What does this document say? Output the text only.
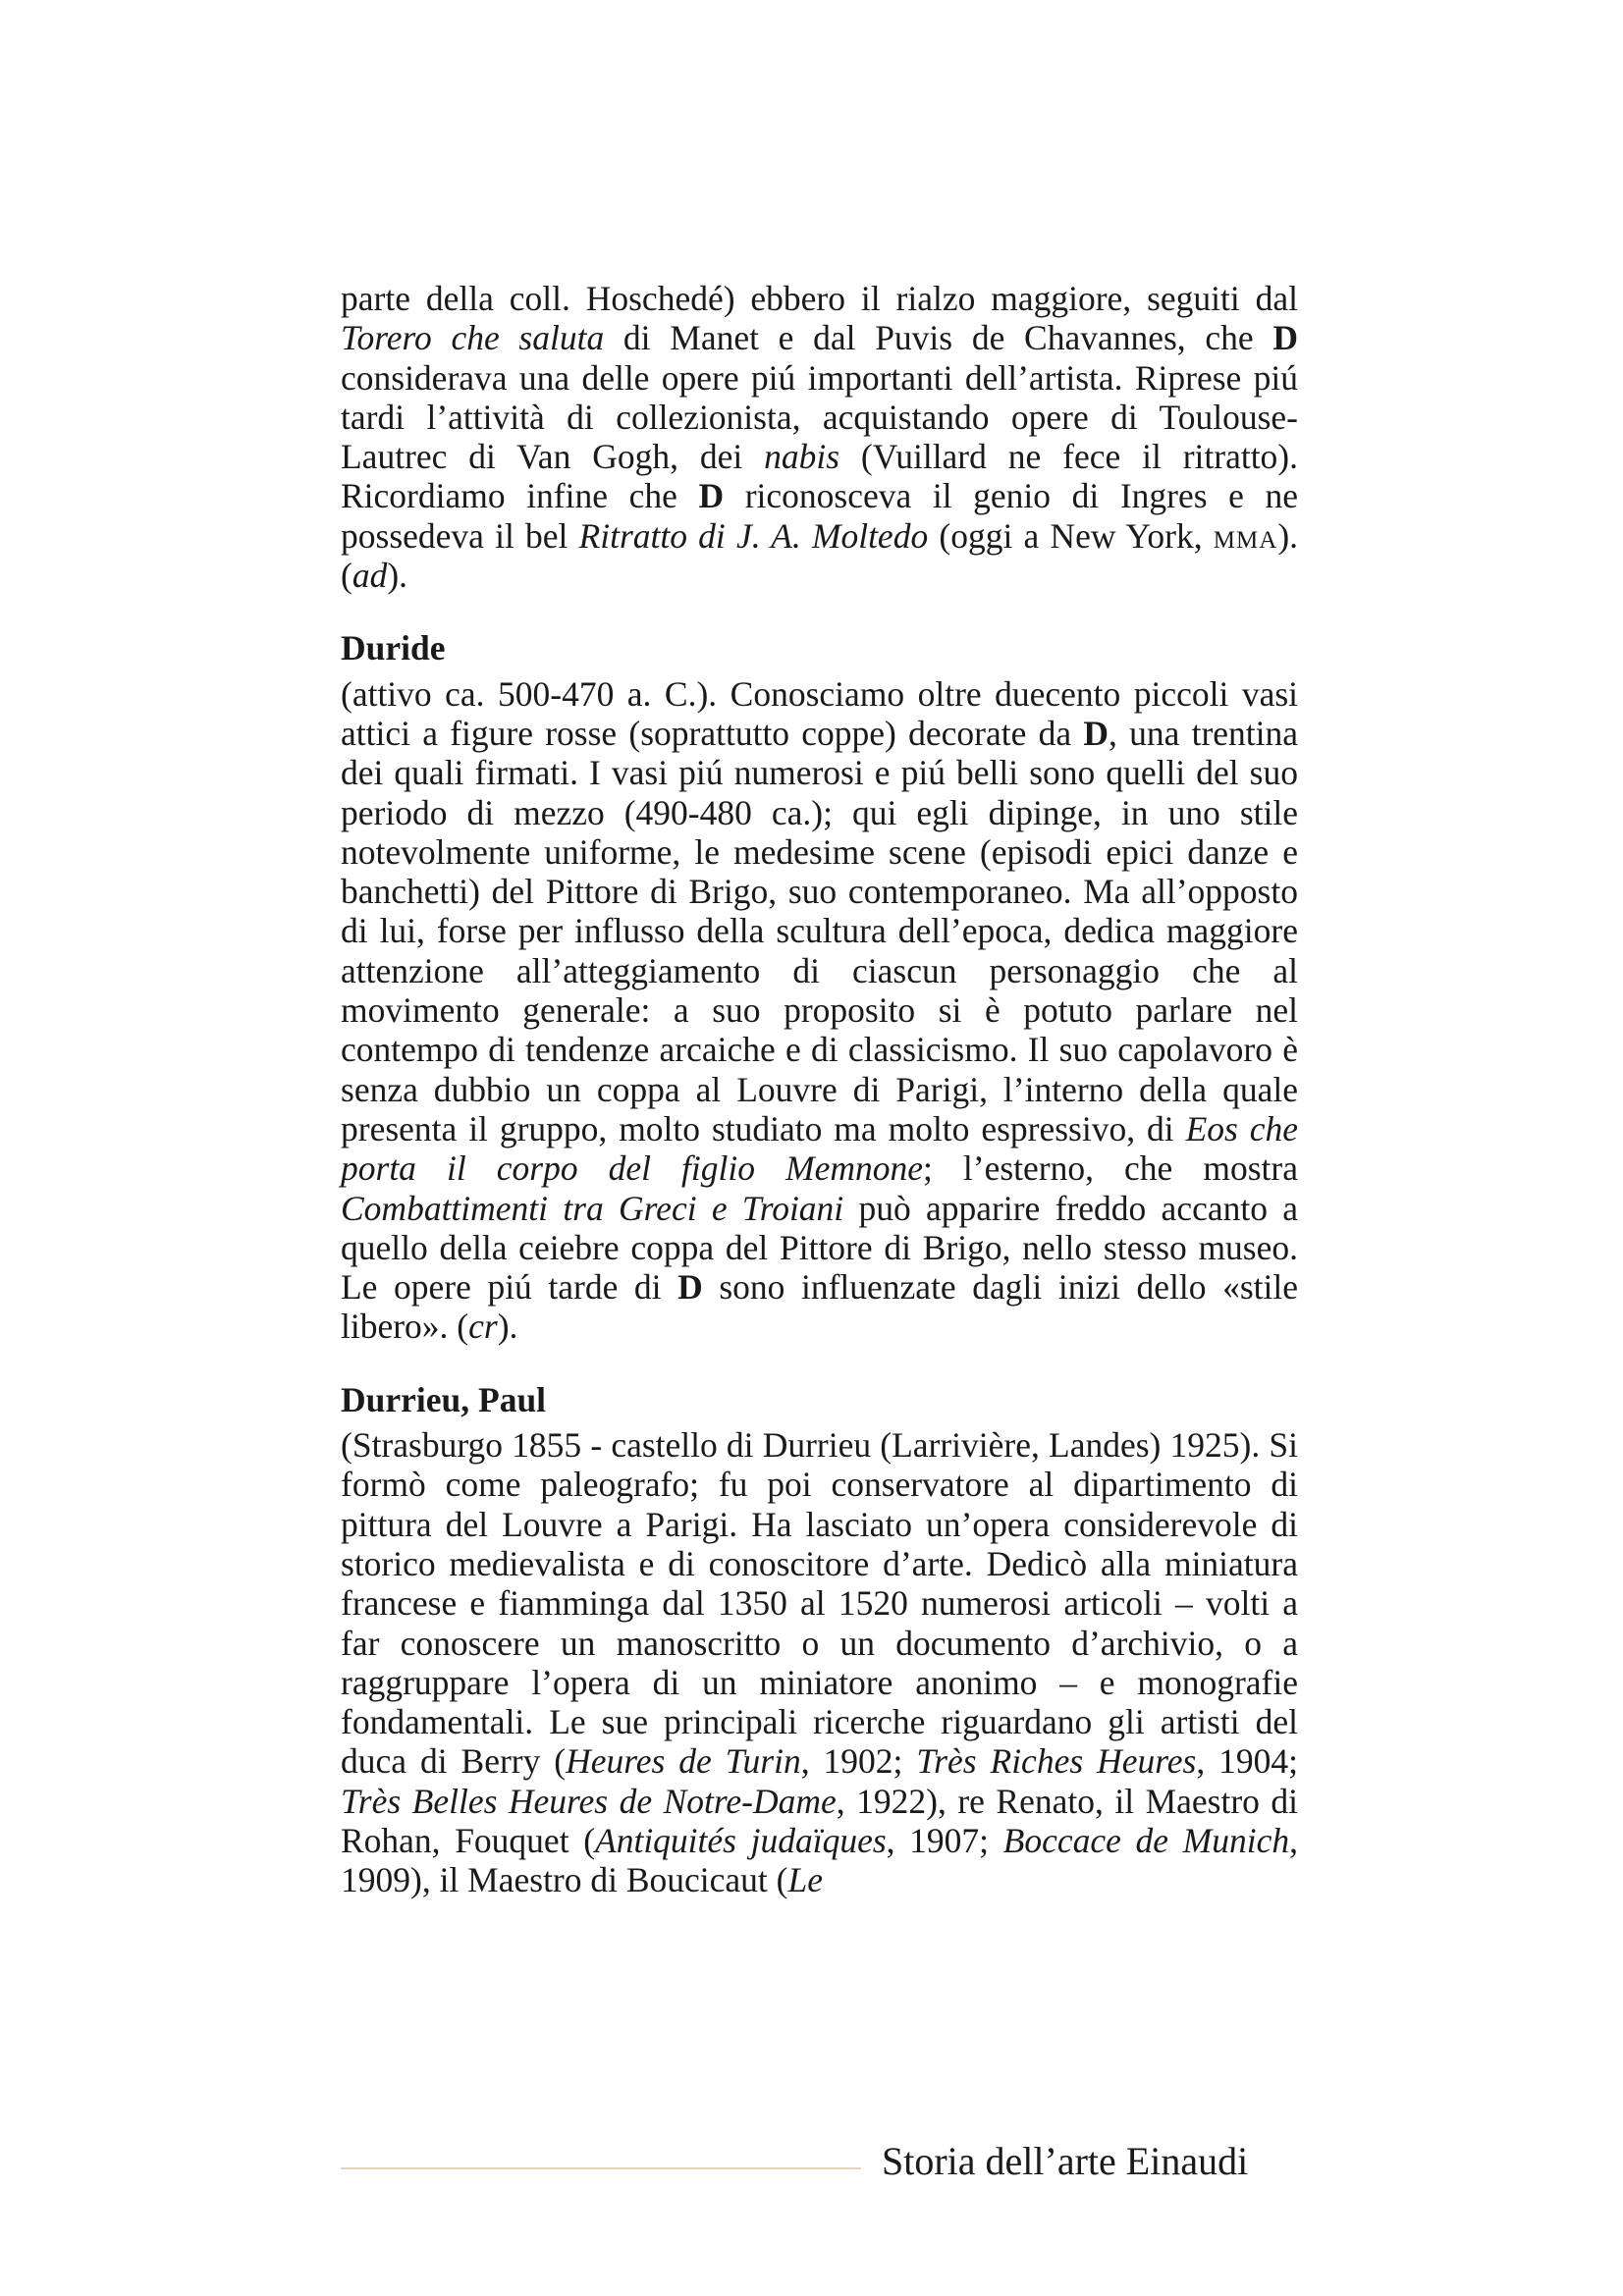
parte della coll. Hoschedé) ebbero il rialzo maggiore, seguiti dal Torero che saluta di Manet e dal Puvis de Chavannes, che D considerava una delle opere piú importanti dell’artista. Riprese piú tardi l’attività di collezionista, acquistando opere di Toulouse-Lautrec di Van Gogh, dei nabis (Vuillard ne fece il ritratto). Ricordiamo infine che D riconosceva il genio di Ingres e ne possedeva il bel Ritratto di J. A. Moltedo (oggi a New York, mma). (ad).

Duride

(attivo ca. 500-470 a. C.). Conosciamo oltre duecento piccoli vasi attici a figure rosse (soprattutto coppe) decorate da D, una trentina dei quali firmati. I vasi piú numerosi e piú belli sono quelli del suo periodo di mezzo (490-480 ca.); qui egli dipinge, in uno stile notevolmente uniforme, le medesime scene (episodi epici danze e banchetti) del Pittore di Brigo, suo contemporaneo. Ma all’opposto di lui, forse per influsso della scultura dell’epoca, dedica maggiore attenzione all’atteggiamento di ciascun personaggio che al movimento generale: a suo proposito si è potuto parlare nel contempo di tendenze arcaiche e di classicismo. Il suo capolavoro è senza dubbio un coppa al Louvre di Parigi, l’interno della quale presenta il gruppo, molto studiato ma molto espressivo, di Eos che porta il corpo del figlio Memnone; l’esterno, che mostra Combattimenti tra Greci e Troiani può apparire freddo accanto a quello della ceiebre coppa del Pittore di Brigo, nello stesso museo. Le opere piú tarde di D sono influenzate dagli inizi dello «stile libero». (cr).

Durrieu, Paul

(Strasburgo 1855 - castello di Durrieu (Larrivière, Landes) 1925). Si formò come paleografo; fu poi conservatore al dipartimento di pittura del Louvre a Parigi. Ha lasciato un’opera considerevole di storico medievalista e di conoscitore d’arte. Dedicò alla miniatura francese e fiamminga dal 1350 al 1520 numerosi articoli – volti a far conoscere un manoscritto o un documento d’archivio, o a raggruppare l’opera di un miniatore anonimo – e monografie fondamentali. Le sue principali ricerche riguardano gli artisti del duca di Berry (Heures de Turin, 1902; Très Riches Heures, 1904; Très Belles Heures de Notre-Dame, 1922), re Renato, il Maestro di Rohan, Fouquet (Antiquités judaïques, 1907; Boccace de Munich, 1909), il Maestro di Boucicaut (Le

Storia dell’arte Einaudi
